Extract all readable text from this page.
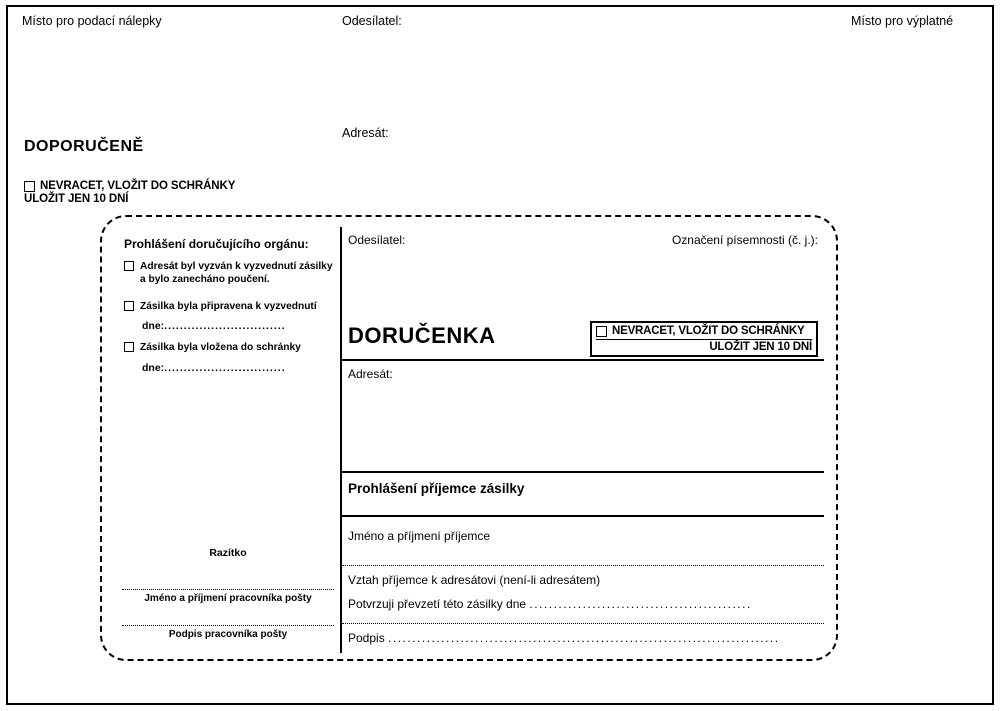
Místo pro podací nálepky	Odesílatel:	Místo pro výplatné
DOPORUČENĚ
Adresát:
NEVRACET, VLOŽIT DO SCHRÁNKY
ULOŽIT JEN 10 DNÍ
Prohlášení doručujícího orgánu:
Adresát byl vyzván k vyzvednutí zásilky a bylo zanecháno poučení.
Zásilka byla připravena k vyzvednutí
dne:...............................
Zásilka byla vložena do schránky
dne:...............................
Razítko
Jméno a příjmení pracovníka pošty
Podpis pracovníka pošty
Odesílatel:	Označení písemnosti (č. j.):
DORUČENKA	NEVRACET, VLOŽIT DO SCHRÁNKY
ULOŽIT JEN 10 DNÍ
Adresát:
Prohlášení příjemce zásilky
Jméno a příjmení příjemce
Vztah příjemce k adresátovi (není-li adresátem)
Potvrzuji převzetí této zásilky dne ..............................................
Podpis .................................................................................
